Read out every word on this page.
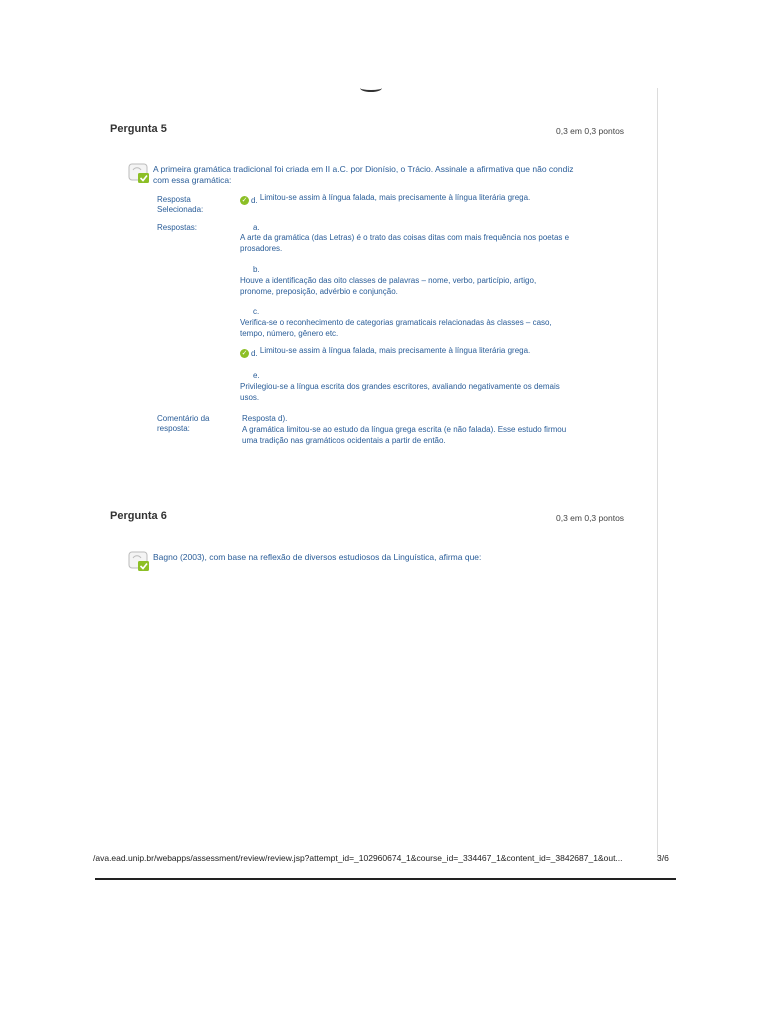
Pergunta 5	0,3 em 0,3 pontos
A primeira gramática tradicional foi criada em II a.C. por Dionísio, o Trácio. Assinale a afirmativa que não condiz
com essa gramática:
Resposta
Selecionada:
✓ d. Limitou-se assim à língua falada, mais precisamente à língua literária grega.
Respostas:	a.
A arte da gramática (das Letras) é o trato das coisas ditas com mais frequência nos poetas e
prosadores.
b.
Houve a identificação das oito classes de palavras – nome, verbo, particípio, artigo,
pronome, preposição, advérbio e conjunção.
c.
Verifica-se o reconhecimento de categorias gramaticais relacionadas às classes – caso,
tempo, número, gênero etc.
✓ d. Limitou-se assim à língua falada, mais precisamente à língua literária grega.
e.
Privilegiou-se a língua escrita dos grandes escritores, avaliando negativamente os demais
usos.
Comentário da
resposta:
Resposta d).
A gramática limitou-se ao estudo da língua grega escrita (e não falada). Esse estudo firmou
uma tradição nas gramáticos ocidentais a partir de então.
Pergunta 6	0,3 em 0,3 pontos
Bagno (2003), com base na reflexão de diversos estudiosos da Linguística, afirma que:
/ava.ead.unip.br/webapps/assessment/review/review.jsp?attempt_id=_102960674_1&course_id=_334467_1&content_id=_3842687_1&out...	3/6
